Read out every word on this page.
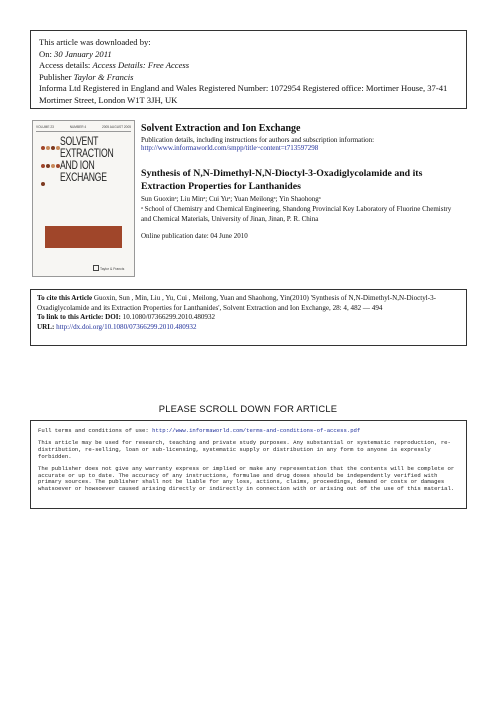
This article was downloaded by:
On: 30 January 2011
Access details: Access Details: Free Access
Publisher Taylor & Francis
Informa Ltd Registered in England and Wales Registered Number: 1072954 Registered office: Mortimer House, 37-41 Mortimer Street, London W1T 3JH, UK
VOLUME 23	NUMBER 4	2005 AUGUST 2005
SOLVENT
EXTRACTION
AND ION
EXCHANGE
Taylor & Francis
Solvent Extraction and Ion Exchange
Publication details, including instructions for authors and subscription information:
http://www.informaworld.com/smpp/title~content=t713597298
Synthesis of N,N-Dimethyl-N,N-Dioctyl-3-Oxadiglycolamide and its Extraction Properties for Lanthanides
Sun Guoxinᵃ; Liu Minᵃ; Cui Yuᵃ; Yuan Meilongᵃ; Yin Shaohongᵃ
ᵃ School of Chemistry and Chemical Engineering, Shandong Provincial Key Laboratory of Fluorine Chemistry and Chemical Materials, University of Jinan, Jinan, P. R. China
Online publication date: 04 June 2010
To cite this Article Guoxin, Sun , Min, Liu , Yu, Cui , Meilong, Yuan and Shaohong, Yin(2010) 'Synthesis of N,N-Dimethyl-N,N-Dioctyl-3-Oxadiglycolamide and its Extraction Properties for Lanthanides', Solvent Extraction and Ion Exchange, 28: 4, 482 — 494
To link to this Article: DOI: 10.1080/07366299.2010.480932
URL: http://dx.doi.org/10.1080/07366299.2010.480932
PLEASE SCROLL DOWN FOR ARTICLE

Full terms and conditions of use: http://www.informaworld.com/terms-and-conditions-of-access.pdf

This article may be used for research, teaching and private study purposes. Any substantial or systematic reproduction, re-distribution, re-selling, loan or sub-licensing, systematic supply or distribution in any form to anyone is expressly forbidden.

The publisher does not give any warranty express or implied or make any representation that the contents will be complete or accurate or up to date. The accuracy of any instructions, formulae and drug doses should be independently verified with primary sources. The publisher shall not be liable for any loss, actions, claims, proceedings, demand or costs or damages whatsoever or howsoever caused arising directly or indirectly in connection with or arising out of the use of this material.
